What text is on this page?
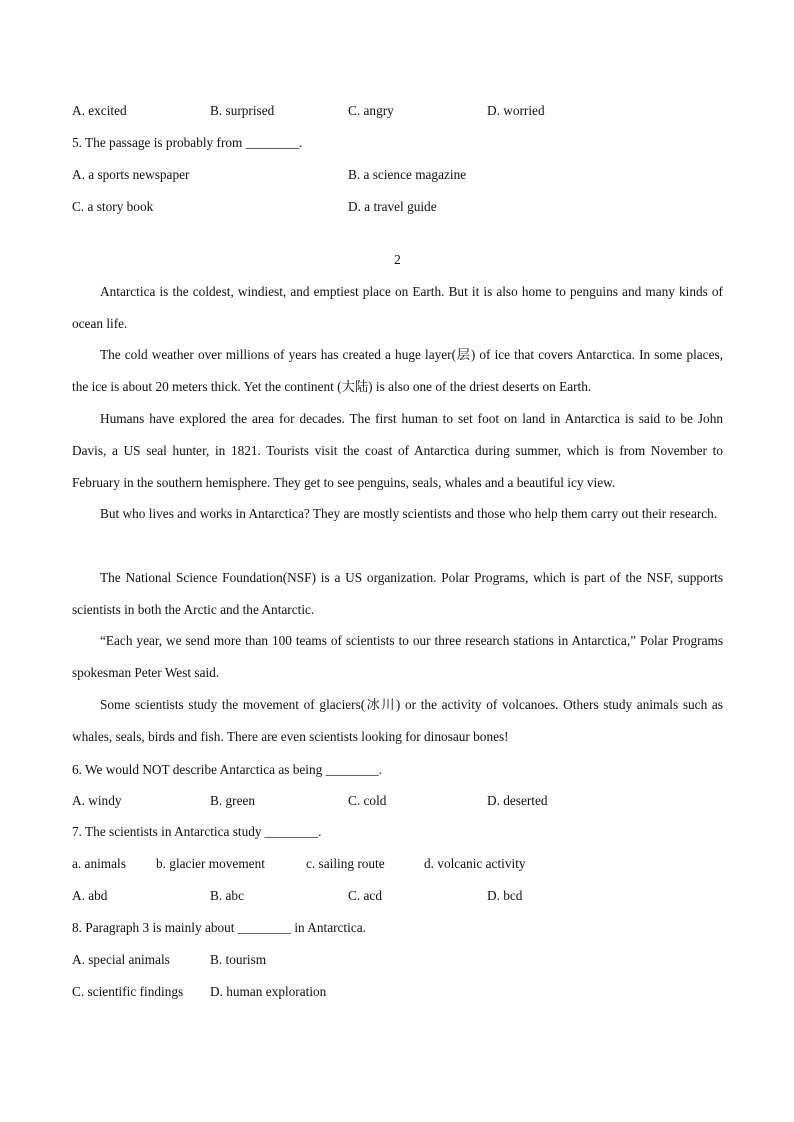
A. excited	B. surprised	C. angry	D. worried
5. The passage is probably from ________.
A. a sports newspaper	B. a science magazine
C. a story book	D. a travel guide
2

Antarctica is the coldest, windiest, and emptiest place on Earth. But it is also home to penguins and many kinds of ocean life.

The cold weather over millions of years has created a huge layer(层) of ice that covers Antarctica. In some places, the ice is about 20 meters thick. Yet the continent (大陆) is also one of the driest deserts on Earth.

Humans have explored the area for decades. The first human to set foot on land in Antarctica is said to be John Davis, a US seal hunter, in 1821. Tourists visit the coast of Antarctica during summer, which is from November to February in the southern hemisphere. They get to see penguins, seals, whales and a beautiful icy view.

But who lives and works in Antarctica? They are mostly scientists and those who help them carry out their research.

The National Science Foundation(NSF) is a US organization. Polar Programs, which is part of the NSF, supports scientists in both the Arctic and the Antarctic.

“Each year, we send more than 100 teams of scientists to our three research stations in Antarctica,” Polar Programs spokesman Peter West said.

Some scientists study the movement of glaciers(冰川) or the activity of volcanoes. Others study animals such as whales, seals, birds and fish. There are even scientists looking for dinosaur bones!

6. We would NOT describe Antarctica as being ________.
A. windy	B. green	C. cold	D. deserted
7. The scientists in Antarctica study ________.
a. animals b. glacier movement	c. sailing route	d. volcanic activity
A. abd	B. abc	C. acd	D. bcd
8. Paragraph 3 is mainly about ________ in Antarctica.
A. special animals	B. tourism
C. scientific findings D. human exploration
